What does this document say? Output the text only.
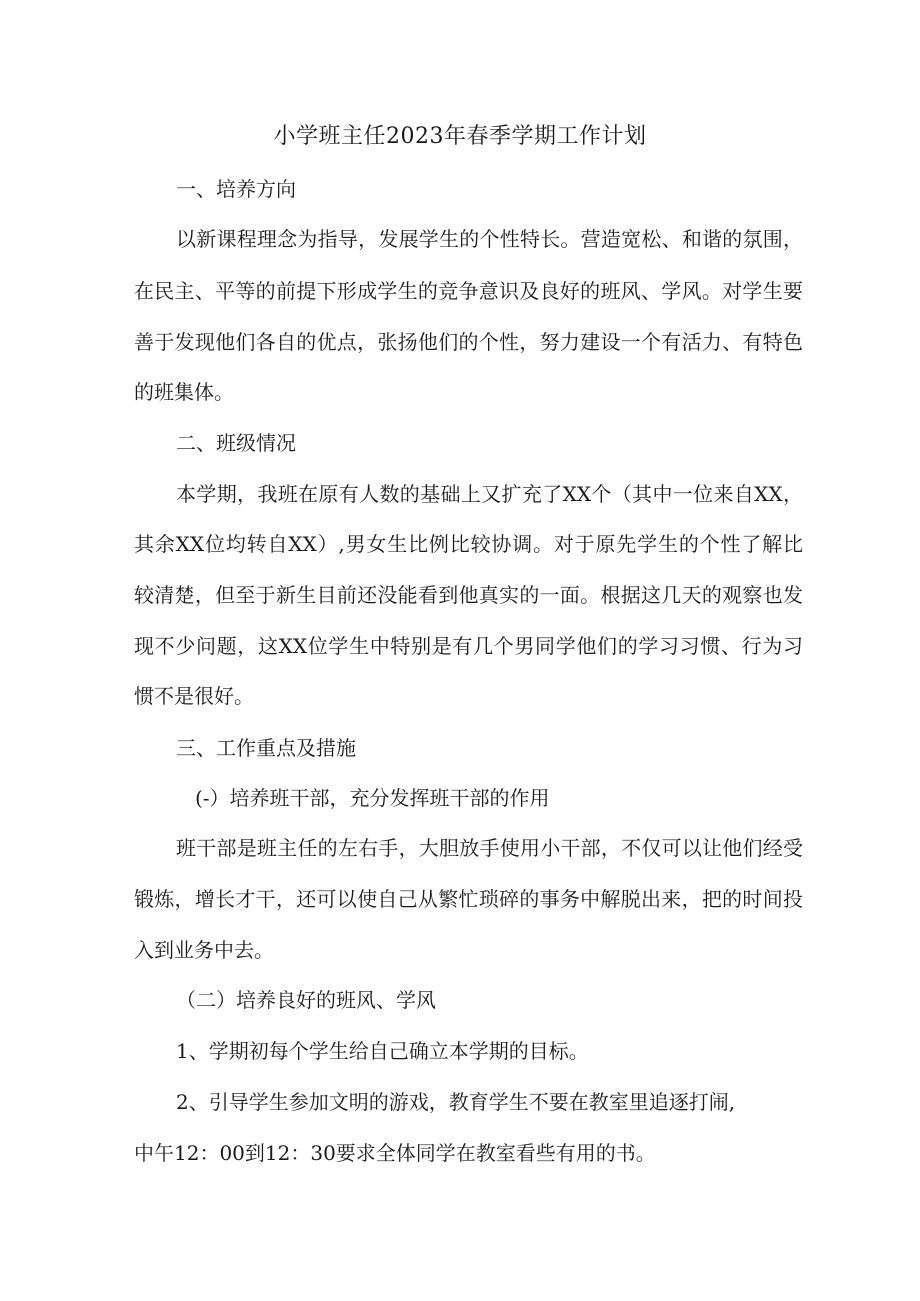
小学班主任2023年春季学期工作计划
一、培养方向
以新课程理念为指导，发展学生的个性特长。营造宽松、和谐的氛围，
在民主、平等的前提下形成学生的竞争意识及良好的班风、学风。对学生要
善于发现他们各自的优点，张扬他们的个性，努力建设一个有活力、有特色
的班集体。
二、班级情况
本学期，我班在原有人数的基础上又扩充了XX个（其中一位来自XX，
其余XX位均转自XX）,男女生比例比较协调。对于原先学生的个性了解比
较清楚，但至于新生目前还没能看到他真实的一面。根据这几天的观察也发
现不少问题，这XX位学生中特别是有几个男同学他们的学习习惯、行为习
惯不是很好。
三、工作重点及措施
(-）培养班干部，充分发挥班干部的作用
班干部是班主任的左右手，大胆放手使用小干部，不仅可以让他们经受
锻炼，增长才干，还可以使自己从繁忙琐碎的事务中解脱出来，把的时间投
入到业务中去。
（二）培养良好的班风、学风
1、学期初每个学生给自己确立本学期的目标。
2、引导学生参加文明的游戏，教育学生不要在教室里追逐打闹,
中午12：00到12：30要求全体同学在教室看些有用的书。
